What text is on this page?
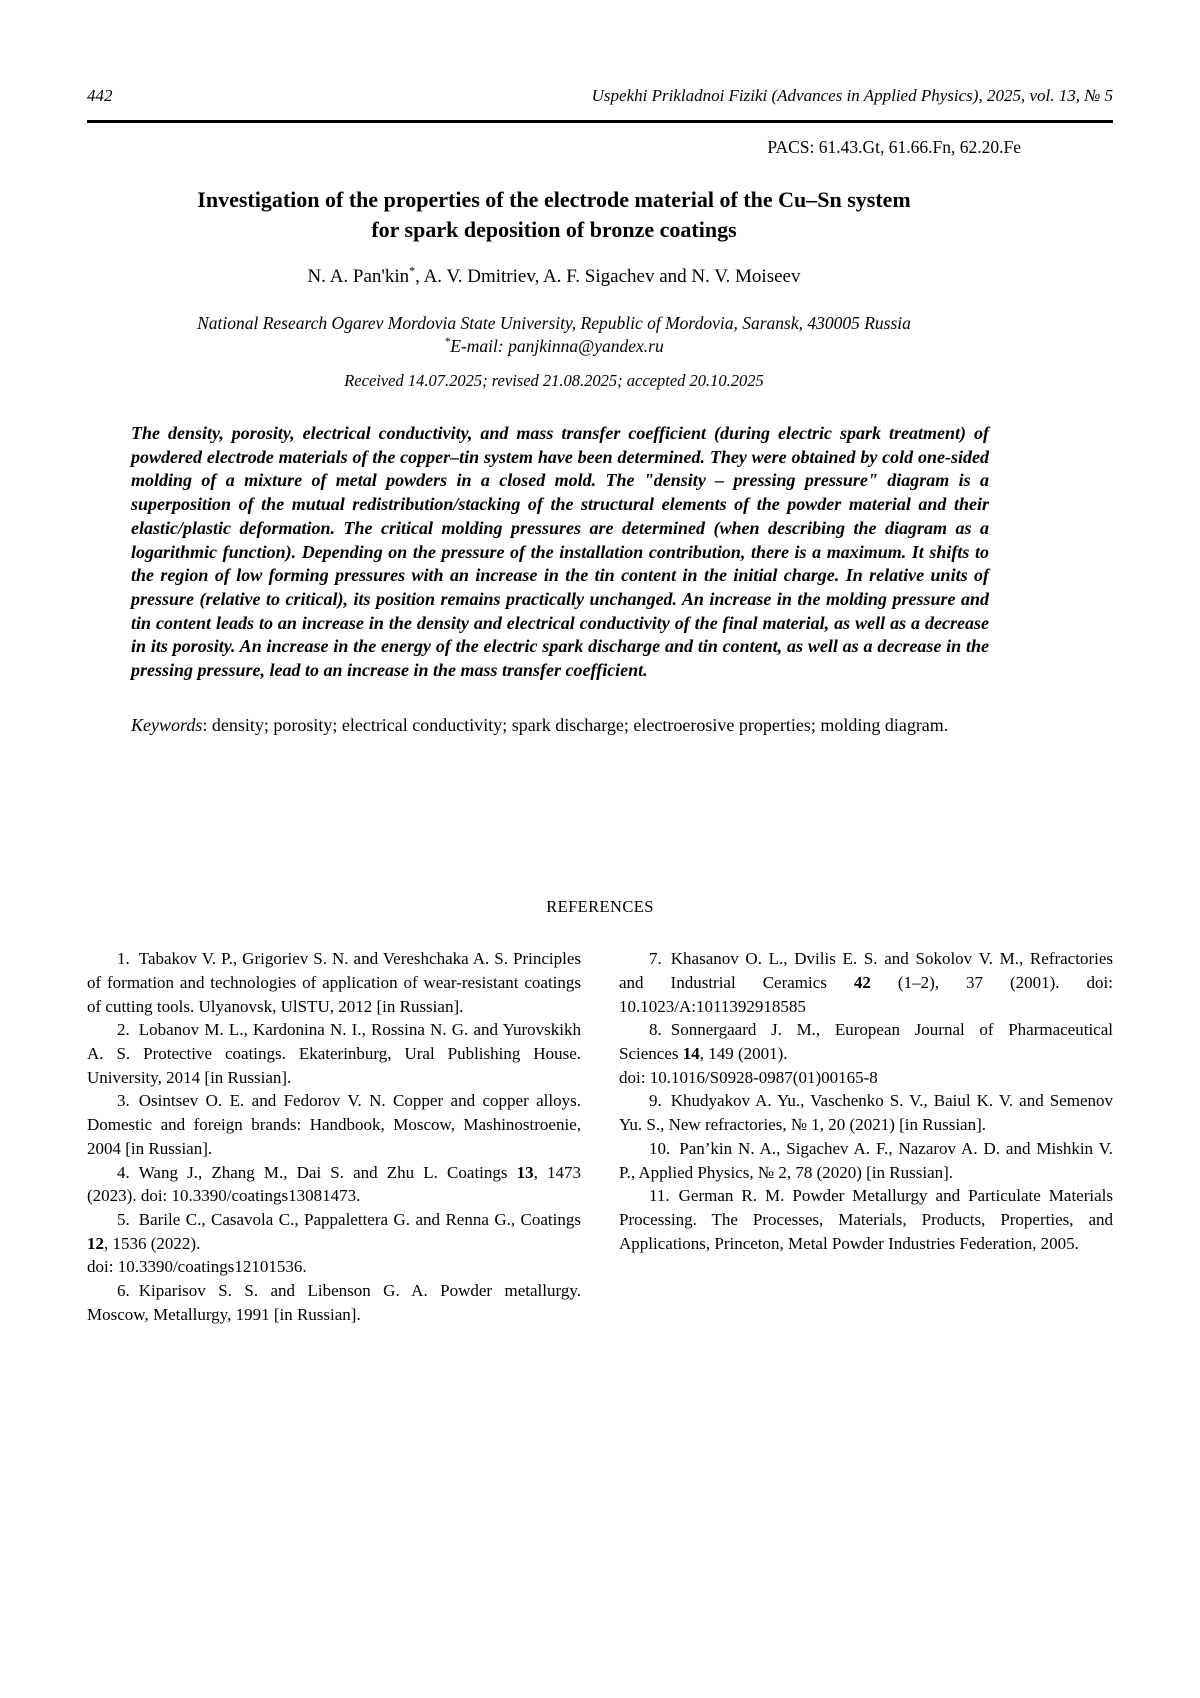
442	Uspekhi Prikladnoi Fiziki (Advances in Applied Physics), 2025, vol. 13, № 5
PACS: 61.43.Gt, 61.66.Fn, 62.20.Fe
Investigation of the properties of the electrode material of the Cu–Sn system
for spark deposition of bronze coatings
N. A. Pan'kin*, A. V. Dmitriev, A. F. Sigachev and N. V. Moiseev
National Research Ogarev Mordovia State University, Republic of Mordovia, Saransk, 430005 Russia
*E-mail: panjkinna@yandex.ru
Received 14.07.2025; revised 21.08.2025; accepted 20.10.2025

The density, porosity, electrical conductivity, and mass transfer coefficient (during electric spark treatment) of powdered electrode materials of the copper–tin system have been determined. They were obtained by cold one-sided molding of a mixture of metal powders in a closed mold. The "density – pressing pressure" diagram is a superposition of the mutual redistribution/stacking of the structural elements of the powder material and their elastic/plastic deformation. The critical molding pressures are determined (when describing the diagram as a logarithmic function). Depending on the pressure of the installation contribution, there is a maximum. It shifts to the region of low forming pressures with an increase in the tin content in the initial charge. In relative units of pressure (relative to critical), its position remains practically unchanged. An increase in the molding pressure and tin content leads to an increase in the density and electrical conductivity of the final material, as well as a decrease in its porosity. An increase in the energy of the electric spark discharge and tin content, as well as a decrease in the pressing pressure, lead to an increase in the mass transfer coefficient.

Keywords: density; porosity; electrical conductivity; spark discharge; electroerosive properties; molding diagram.

REFERENCES

1. Tabakov V. P., Grigoriev S. N. and Vereshchaka A. S. Principles of formation and technologies of application of wear-resistant coatings of cutting tools. Ulyanovsk, UlSTU, 2012 [in Russian].

2. Lobanov M. L., Kardonina N. I., Rossina N. G. and Yurovskikh A. S. Protective coatings. Ekaterinburg, Ural Publishing House. University, 2014 [in Russian].

3. Osintsev O. E. and Fedorov V. N. Copper and copper alloys. Domestic and foreign brands: Handbook, Moscow, Mashinostroenie, 2004 [in Russian].

4. Wang J., Zhang M., Dai S. and Zhu L. Coatings 13, 1473 (2023). doi: 10.3390/coatings13081473.

5. Barile C., Casavola C., Pappalettera G. and Renna G., Coatings 12, 1536 (2022).
doi: 10.3390/coatings12101536.

6. Kiparisov S. S. and Libenson G. A. Powder metallurgy. Moscow, Metallurgy, 1991 [in Russian].

7. Khasanov O. L., Dvilis E. S. and Sokolov V. M., Refractories and Industrial Ceramics 42 (1–2), 37 (2001). doi: 10.1023/A:1011392918585

8. Sonnergaard J. M., European Journal of Pharmaceutical Sciences 14, 149 (2001).
doi: 10.1016/S0928-0987(01)00165-8

9. Khudyakov A. Yu., Vaschenko S. V., Baiul K. V. and Semenov Yu. S., New refractories, № 1, 20 (2021) [in Russian].

10. Pan’kin N. A., Sigachev A. F., Nazarov A. D. and Mishkin V. P., Applied Physics, № 2, 78 (2020) [in Russian].

11. German R. M. Powder Metallurgy and Particulate Materials Processing. The Processes, Materials, Products, Properties, and Applications, Princeton, Metal Powder Industries Federation, 2005.
